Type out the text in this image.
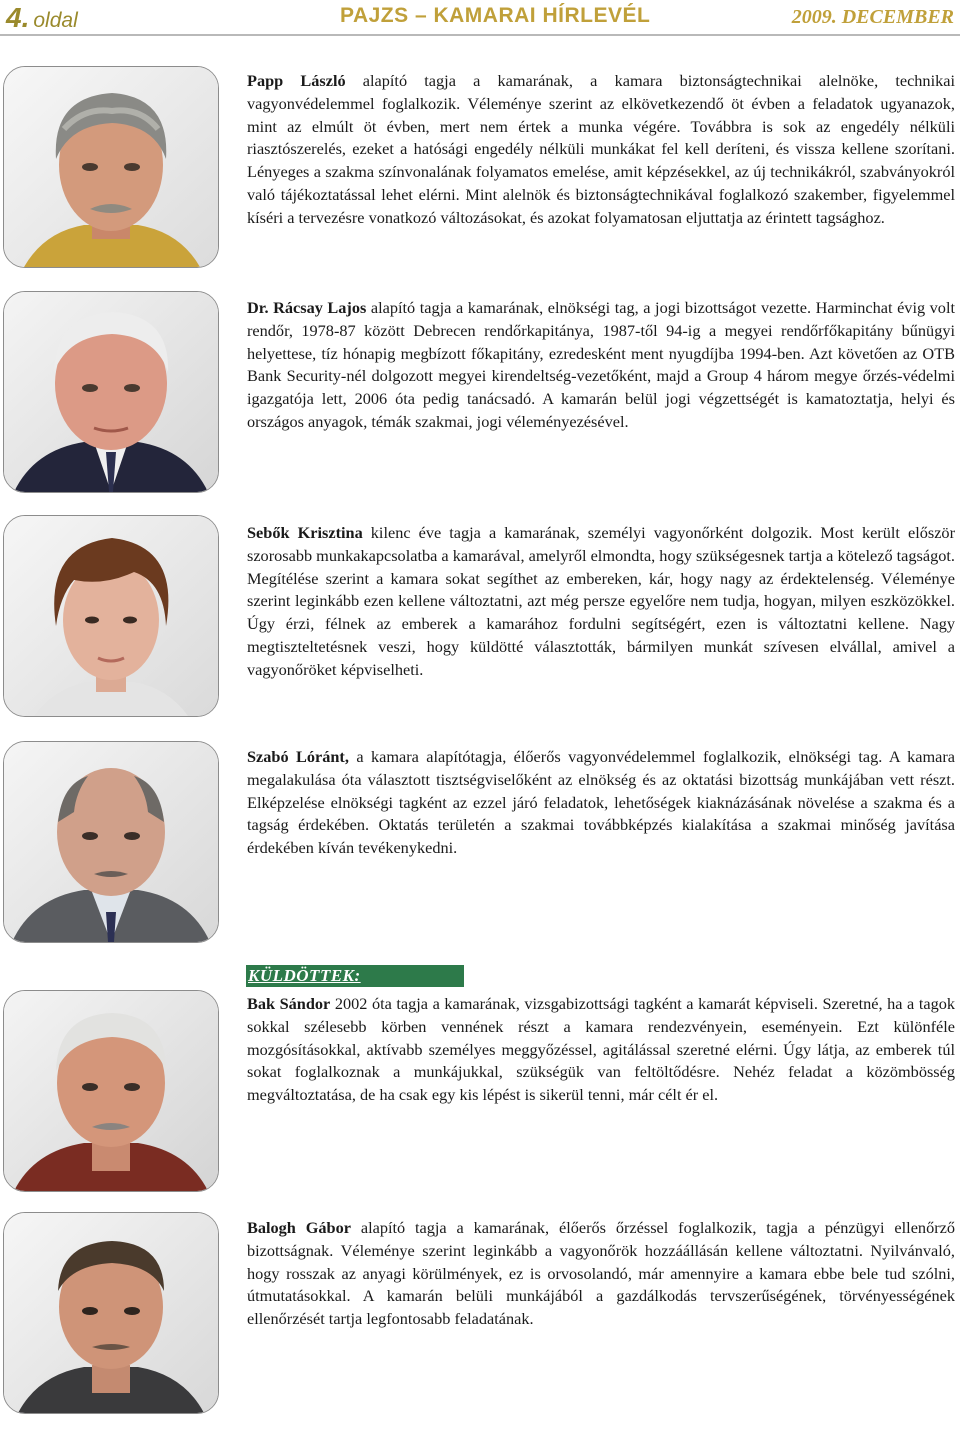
4. oldal	PAJZS – KAMARAI HÍRLEVÉL	2009. DECEMBER

Papp László alapító tagja a kamarának, a kamara biztonságtechnikai alelnöke, technikai vagyonvédelemmel foglalkozik. Véleménye szerint az elkövetkezendő öt évben a feladatok ugyanazok, mint az elmúlt öt évben, mert nem értek a munka végére. Továbbra is sok az engedély nélküli riasztószerelés, ezeket a hatósági engedély nélküli munkákat fel kell deríteni, és vissza kellene szorítani. Lényeges a szakma színvonalának folyamatos emelése, amit képzésekkel, az új technikákról, szabványokról való tájékoztatással lehet elérni. Mint alelnök és biztonságtechnikával foglalkozó szakember, figyelemmel kíséri a tervezésre vonatkozó változásokat, és azokat folyamatosan eljuttatja az érintett tagsághoz.

Dr. Rácsay Lajos alapító tagja a kamarának, elnökségi tag, a jogi bizottságot vezette. Harminchat évig volt rendőr, 1978-87 között Debrecen rendőrkapitánya, 1987-től 94-ig a megyei rendőrfőkapitány bűnügyi helyettese, tíz hónapig megbízott főkapitány, ezredesként ment nyugdíjba 1994-ben. Azt követően az OTB Bank Security-nél dolgozott megyei kirendeltség-vezetőként, majd a Group 4 három megye őrzés-védelmi igazgatója lett, 2006 óta pedig tanácsadó. A kamarán belül jogi végzettségét is kamatoztatja, helyi és országos anyagok, témák szakmai, jogi véleményezésével.

Sebők Krisztina kilenc éve tagja a kamarának, személyi vagyonőrként dolgozik. Most került először szorosabb munkakapcsolatba a kamarával, amelyről elmondta, hogy szükségesnek tartja a kötelező tagságot. Megítélése szerint a kamara sokat segíthet az embereken, kár, hogy nagy az érdektelenség. Véleménye szerint leginkább ezen kellene változtatni, azt még persze egyelőre nem tudja, hogyan, milyen eszközökkel. Úgy érzi, félnek az emberek a kamarához fordulni segítségért, ezen is változtatni kellene. Nagy megtiszteltetésnek veszi, hogy küldötté választották, bármilyen munkát szívesen elvállal, amivel a vagyonőröket képviselheti.

Szabó Lóránt, a kamara alapítótagja, élőerős vagyonvédelemmel foglalkozik, elnökségi tag. A kamara megalakulása óta választott tisztségviselőként az elnökség és az oktatási bizottság munkájában vett részt. Elképzelése elnökségi tagként az ezzel járó feladatok, lehetőségek kiaknázásának növelése a szakma és a tagság érdekében. Oktatás területén a szakmai továbbképzés kialakítása a szakmai minőség javítása érdekében kíván tevékenykedni.

KÜLDÖTTEK:

Bak Sándor 2002 óta tagja a kamarának, vizsgabizottsági tagként a kamarát képviseli. Szeretné, ha a tagok sokkal szélesebb körben vennének részt a kamara rendezvényein, eseményein. Ezt különféle mozgósításokkal, aktívabb személyes meggyőzéssel, agitálással szeretné elérni. Úgy látja, az emberek túl sokat foglalkoznak a munkájukkal, szükségük van feltöltődésre. Nehéz feladat a közömbösség megváltoztatása, de ha csak egy kis lépést is sikerül tenni, már célt ér el.

Balogh Gábor alapító tagja a kamarának, élőerős őrzéssel foglalkozik, tagja a pénzügyi ellenőrző bizottságnak. Véleménye szerint leginkább a vagyonőrök hozzáállásán kellene változtatni. Nyilvánvaló, hogy rosszak az anyagi körülmények, ez is orvosolandó, már amennyire a kamara ebbe bele tud szólni, útmutatásokkal. A kamarán belüli munkájából a gazdálkodás tervszerűségének, törvényességének ellenőrzését tartja legfontosabb feladatának.
